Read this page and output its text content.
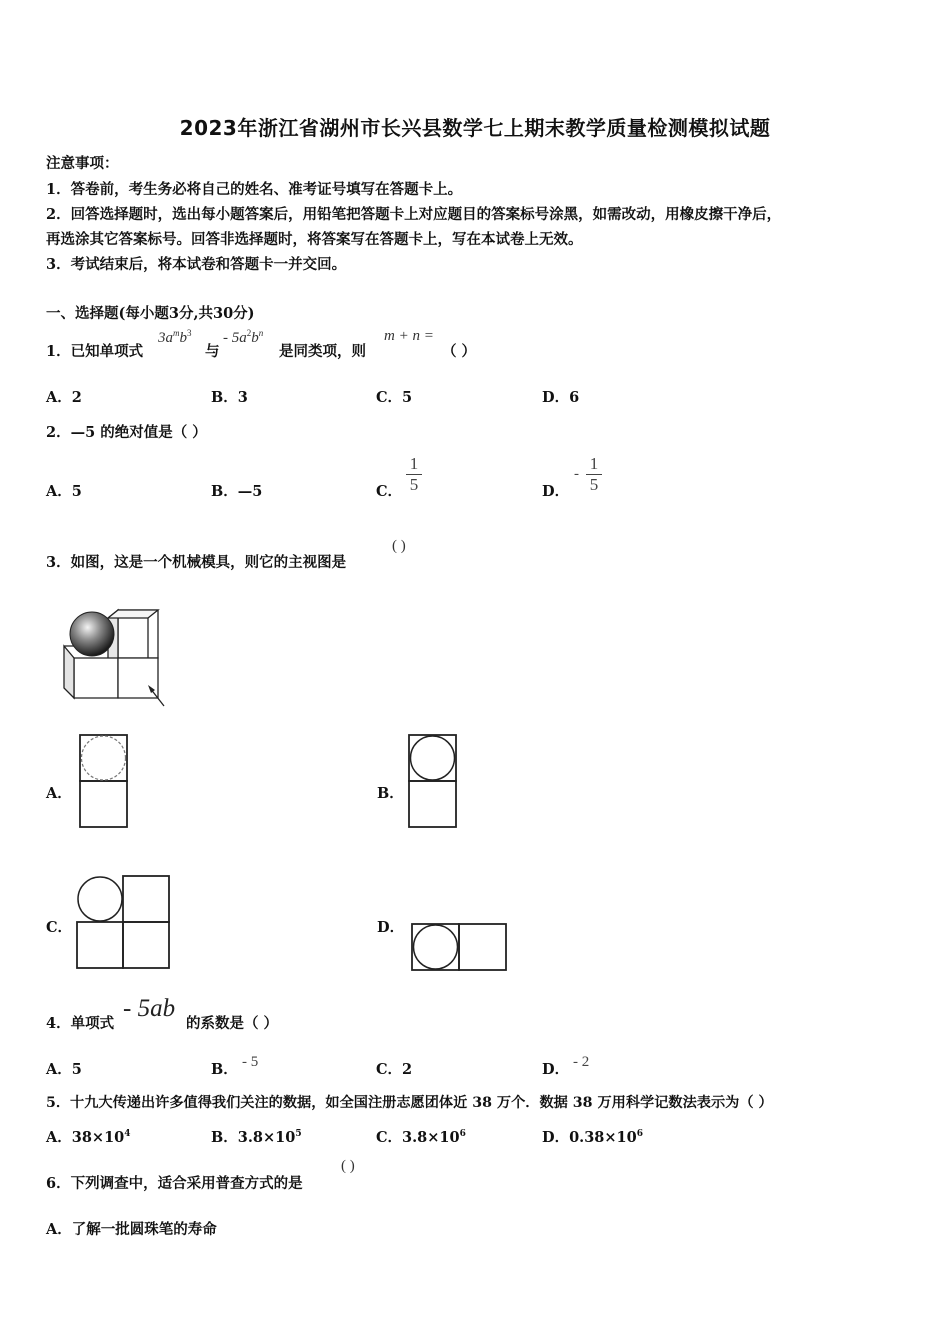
2023年浙江省湖州市长兴县数学七上期末教学质量检测模拟试题
注意事项：
1．答卷前，考生务必将自己的姓名、准考证号填写在答题卡上。
2．回答选择题时，选出每小题答案后，用铅笔把答题卡上对应题目的答案标号涂黑，如需改动，用橡皮擦干净后，
再选涂其它答案标号。回答非选择题时，将答案写在答题卡上，写在本试卷上无效。
3．考试结束后，将本试卷和答题卡一并交回。
一、选择题(每小题3分,共30分)
1．已知单项式
$3a^mb^3$
与
- $5a^2b^n$
是同类项，则
m + n =
（ ）
A．2	B．3	C．5	D．6
2．—5 的绝对值是（ ）
A．5	B．—5	C．
1
5	D．
-
1
5
3．如图，这是一个机械模具，则它的主视图是
( )
A．	B．
C．	D．
4．单项式
- 5ab
的系数是（ ）
A．5	B． - 5	C．2	D． - 2
5．十九大传递出许多值得我们关注的数据，如全国注册志愿团体近 38 万个．数据 38 万用科学记数法表示为（ ）
A．$38\times 10^4$	B．$3.8\times 10^5$	C．$3.8\times 10^6$	D．$0.38\times 10^6$
6．下列调查中，适合采用普查方式的是
( )
A．了解一批圆珠笔的寿命
